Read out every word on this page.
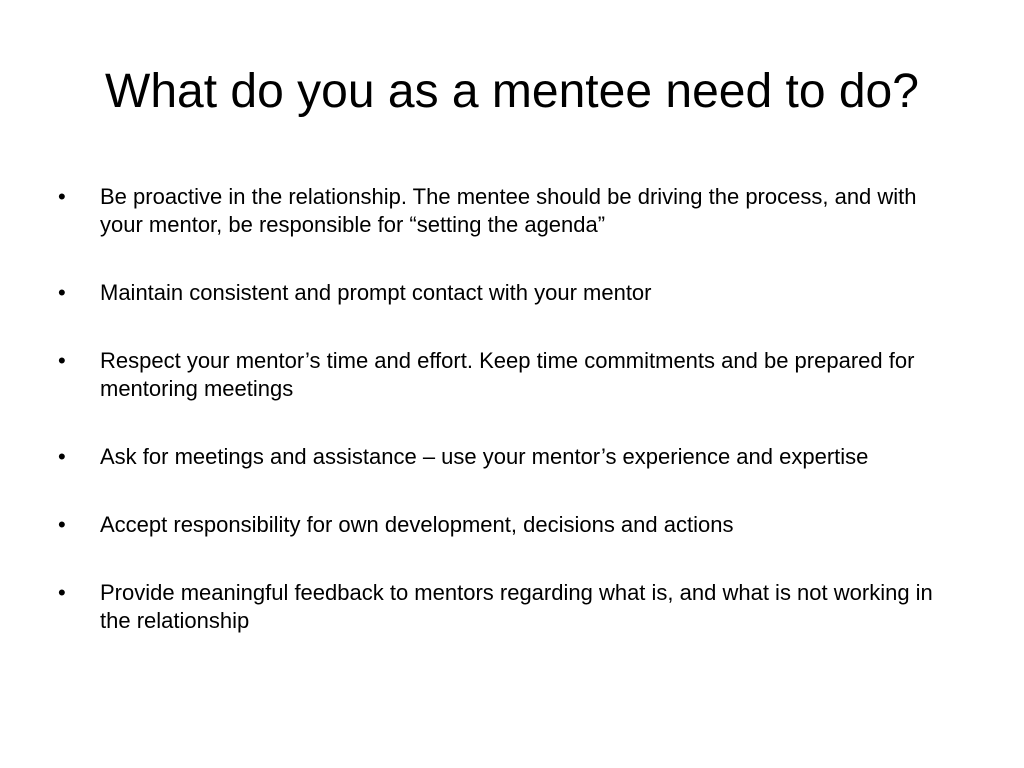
What do you as a mentee need to do?
• Be proactive in the relationship. The mentee should be driving the process, and with your mentor, be responsible for “setting the agenda”
• Maintain consistent and prompt contact with your mentor
• Respect your mentor’s time and effort. Keep time commitments and be prepared for mentoring meetings
• Ask for meetings and assistance – use your mentor’s experience and expertise
• Accept responsibility for own development, decisions and actions
• Provide meaningful feedback to mentors regarding what is, and what is not working in the relationship
